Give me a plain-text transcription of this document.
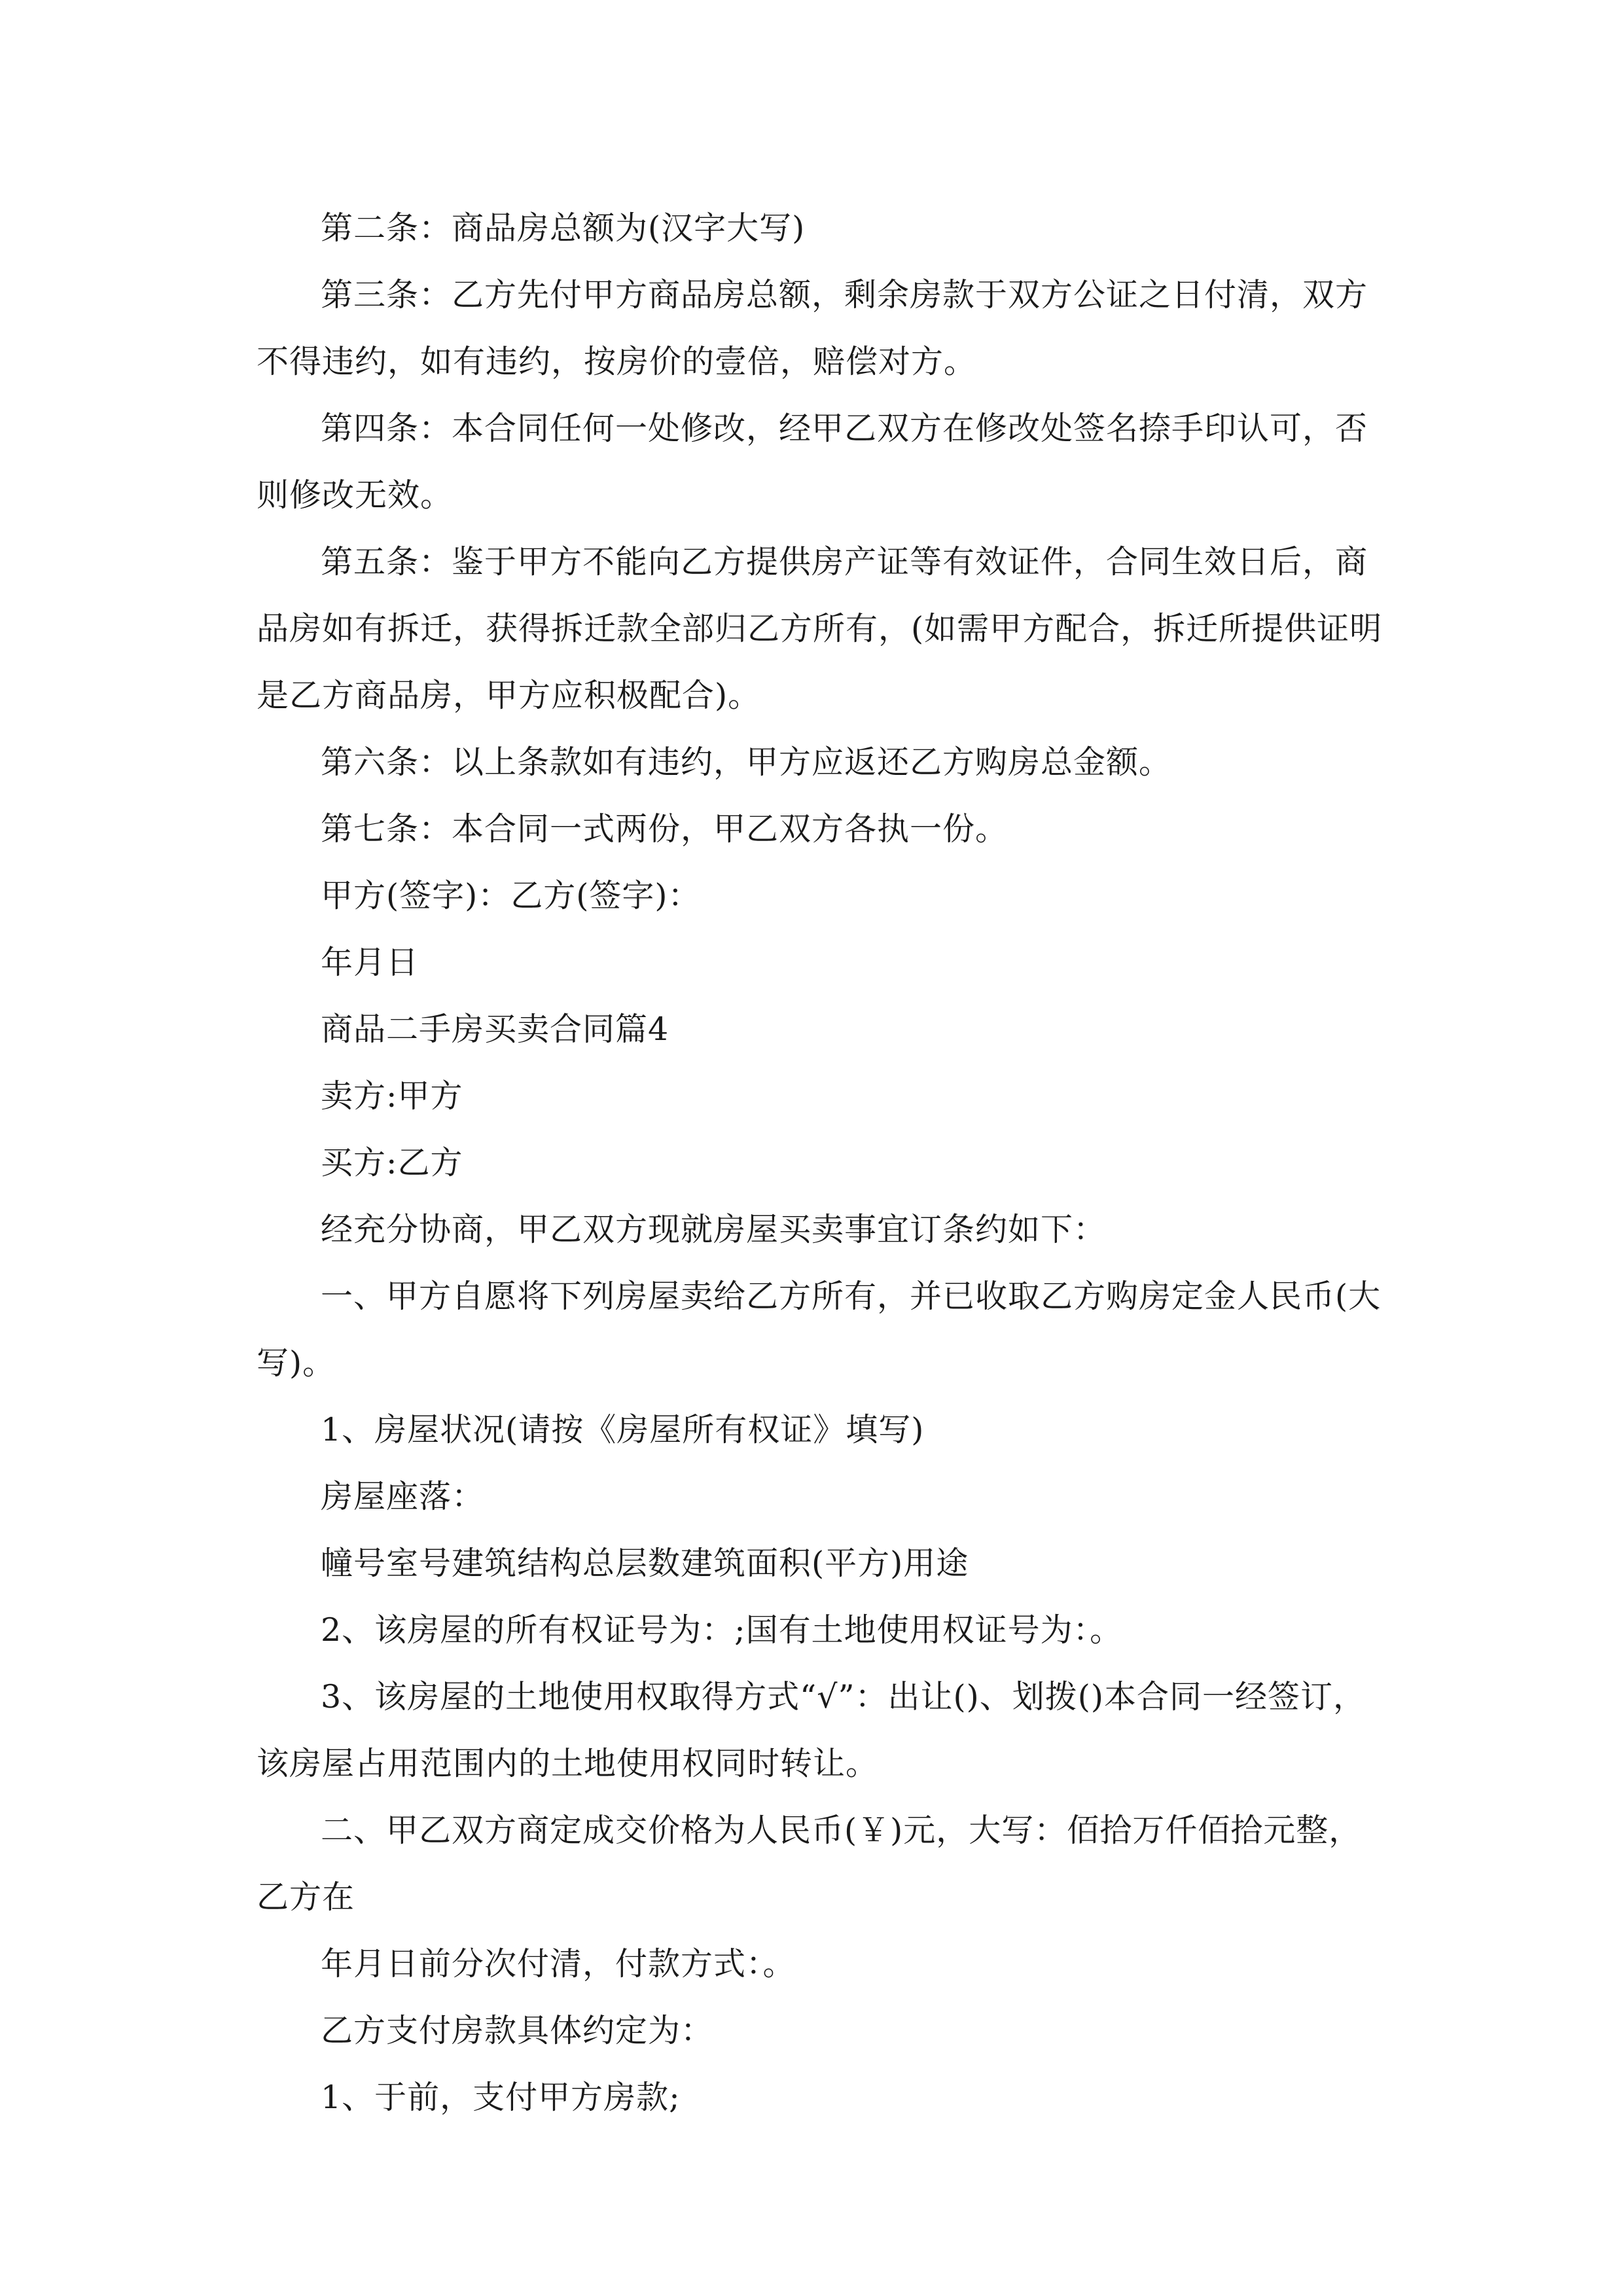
第二条：商品房总额为(汉字大写)

第三条：乙方先付甲方商品房总额，剩余房款于双方公证之日付清，双方不得违约，如有违约，按房价的壹倍，赔偿对方。

第四条：本合同任何一处修改，经甲乙双方在修改处签名捺手印认可，否则修改无效。

第五条：鉴于甲方不能向乙方提供房产证等有效证件，合同生效日后，商品房如有拆迁，获得拆迁款全部归乙方所有，(如需甲方配合，拆迁所提供证明是乙方商品房，甲方应积极配合)。

第六条：以上条款如有违约，甲方应返还乙方购房总金额。

第七条：本合同一式两份，甲乙双方各执一份。

甲方(签字)：乙方(签字)：

年月日

商品二手房买卖合同篇4

卖方:甲方

买方:乙方

经充分协商，甲乙双方现就房屋买卖事宜订条约如下：

一、甲方自愿将下列房屋卖给乙方所有，并已收取乙方购房定金人民币(大写)。

1、房屋状况(请按《房屋所有权证》填写)

房屋座落：

幢号室号建筑结构总层数建筑面积(平方)用途

2、该房屋的所有权证号为：;国有土地使用权证号为：。

3、该房屋的土地使用权取得方式“√”：出让()、划拨()本合同一经签订，该房屋占用范围内的土地使用权同时转让。

二、甲乙双方商定成交价格为人民币(￥)元，大写：佰拾万仟佰拾元整，乙方在

年月日前分次付清，付款方式：。

乙方支付房款具体约定为：

1、于前，支付甲方房款;
